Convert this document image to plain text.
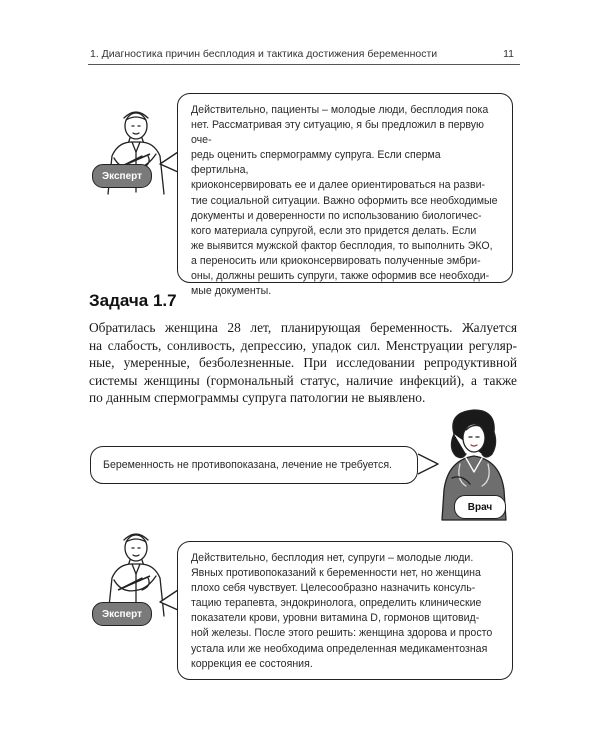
1. Диагностика причин бесплодия и тактика достижения беременности	11
Эксперт

Действительно, пациенты – молодые люди, бесплодия пока

нет. Рассматривая эту ситуацию, я бы предложил в первую оче-

редь оценить спермограмму супруга. Если сперма фертильна,

криоконсервировать ее и далее ориентироваться на разви-

тие социальной ситуации. Важно оформить все необходимые

документы и доверенности по использованию биологичес-

кого материала супругой, если это придется делать. Если

же выявится мужской фактор бесплодия, то выполнить ЭКО,

а переносить или криоконсервировать полученные эмбри-

оны, должны решить супруги, также оформив все необходи-

мые документы.

Задача 1.7
Обратилась женщина 28 лет, планирующая беременность. Жалуется
на слабость, сонливость, депрессию, упадок сил. Менструации регуляр-
ные, умеренные, безболезненные. При исследовании репродуктивной
системы женщины (гормональный статус, наличие инфекций), а также
по данным спермограммы супруга патологии не выявлено.

Беременность не противопоказана, лечение не требуется.

Врач
Эксперт

Действительно, бесплодия нет, супруги – молодые люди.

Явных противопоказаний к беременности нет, но женщина

плохо себя чувствует. Целесообразно назначить консуль-

тацию терапевта, эндокринолога, определить клинические

показатели крови, уровни витамина D, гормонов щитовид-

ной железы. После этого решить: женщина здорова и просто

устала или же необходима определенная медикаментозная

коррекция ее состояния.
